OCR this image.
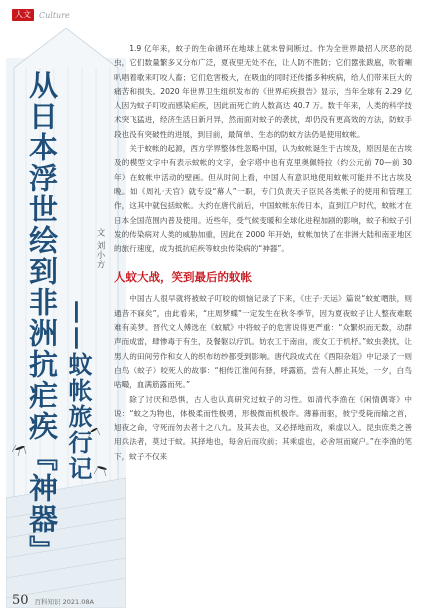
人文	Culture
从日本浮世绘到非洲抗疟疾『神器』 ——蚊帐旅行记
文 刘小方

1.9 亿年来，蚊子的生命循环在地球上就未曾间断过。作为全世界最招人厌恶的昆虫，它们数量繁多又分布广泛，夏夜里无处不在，让人防不胜防；它们嚣张跋扈，吹着喇叭唱着歌来叮咬人畜；它们危害极大，在吸血的同时还传播多种疾病，给人们带来巨大的痛苦和损失。2020 年世界卫生组织发布的《世界疟疾报告》显示，当年全球有 2.29 亿人因为蚊子叮咬而感染疟疾，因此而死亡的人数高达 40.7 万。数千年来，人类的科学技术突飞猛进，经济生活日新月异，然而面对蚊子的袭扰，却仍没有更高效的方法，防蚊手段也没有突破性的进展，到目前，最简单、生态的防蚊方法仍是使用蚊帐。

关于蚊帐的起源，西方学界整体性忽略中国，认为蚊帐诞生于古埃及，原因是在古埃及的模型文字中有表示蚊帐的文字，金字塔中也有克里奥佩特拉（约公元前 70—前 30 年）在蚊帐中活动的壁画。但从时间上看，中国人有意识地使用蚊帐可能并不比古埃及晚。如《周礼·天官》就专设“幕人”一职，专门负责天子臣民各类帐子的使用和管理工作，这其中就包括蚊帐。大约在唐代前后，中国蚊帐东传日本，直到江户时代，蚊帐才在日本全国范围内普及使用。近些年，受气候变暖和全球化进程加剧的影响，蚊子和蚊子引发的传染病对人类的威胁加重，因此在 2000 年开始，蚊帐加快了在非洲大陆和南亚地区的旅行速度，成为抵抗疟疾等蚊虫传染病的“神器”。

人蚊大战，笑到最后的蚊帐

中国古人很早就将被蚊子叮咬的烦恼记录了下来，《庄子·天运》篇说“蚊虻噆肤，则通昔不寐矣”，由此看来，“庄周梦蝶”一定发生在秋冬季节，因为夏夜蚊子让人整夜难眠难有美梦。晋代文人傅选在《蚊赋》中将蚊子的危害说得更严重：“众繁炽而无数，动群声而成雷，肆惨毒于有生，及餐躯以疗饥。妨农工于南亩，废女工于机杼。”蚊虫袭扰，让男人的田间劳作和女人的织布纺纱都受到影响。唐代段成式在《酉阳杂俎》中记录了一则白鸟（蚊子）咬死人的故事：“相传江淮间有驿，呼露筋，尝有人醉止其处，一夕，白鸟咕嘬，血满筋露而死。”

除了讨厌和恐惧，古人也认真研究过蚊子的习性。如清代李渔在《闲情偶寄》中说：“蚊之为物也，体极柔而性极勇，形极微而机极诈。薄暮而驱，彼宁受毙而输之首，旭夜之命，守死而勿去者十之八九。及其去也，又必择地而攻，乘虚以入。昆虫庶类之善用兵法者，莫过于蚊。其择地也，每舍后而攻前；其乘虚也，必舍垣而窥户。”在李渔的笔下，蚊子不仅来

50 百科知识 2021.08A
